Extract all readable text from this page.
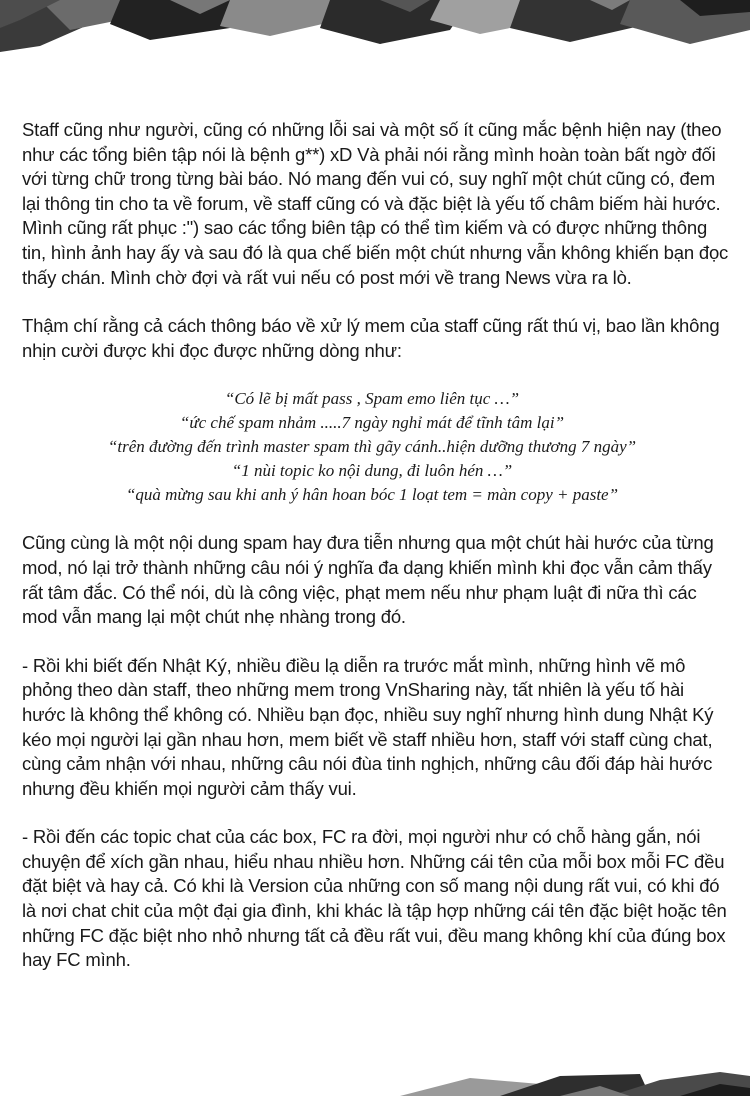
Staff cũng như người, cũng có những lỗi sai và một số ít cũng mắc bệnh hiện nay (theo như các tổng biên tập nói là bệnh g**) xD Và phải nói rằng mình hoàn toàn bất ngờ đối với từng chữ trong từng bài báo. Nó mang đến vui có, suy nghĩ một chút cũng có, đem lại thông tin cho ta về forum, về staff cũng có và đặc biệt là yếu tố châm biếm hài hước. Mình cũng rất phục :") sao các tổng biên tập có thể tìm kiếm và có được những thông tin, hình ảnh hay ấy và sau đó là qua chế biến một chút nhưng vẫn không khiến bạn đọc thấy chán. Mình chờ đợi và rất vui nếu có post mới về trang News vừa ra lò.

Thậm chí rằng cả cách thông báo về xử lý mem của staff cũng rất thú vị, bao lần không nhịn cười được khi đọc được những dòng như:

“Có lẽ bị mất pass , Spam emo liên tục …”
“ức chế spam nhảm .....7 ngày nghỉ mát để tĩnh tâm lại”
“trên đường đến trình master spam thì gãy cánh..hiện dưỡng thương 7 ngày”
“1 nùi topic ko nội dung, đi luôn hén …”
“quà mừng sau khi anh ý hân hoan bóc 1 loạt tem = màn copy + paste”

Cũng cùng là một nội dung spam hay đưa tiễn nhưng qua một chút hài hước của từng mod, nó lại trở thành những câu nói ý nghĩa đa dạng khiến mình khi đọc vẫn cảm thấy rất tâm đắc. Có thể nói, dù là công việc, phạt mem nếu như phạm luật đi nữa thì các mod vẫn mang lại một chút nhẹ nhàng trong đó.

- Rồi khi biết đến Nhật Ký, nhiều điều lạ diễn ra trước mắt mình, những hình vẽ mô phỏng theo dàn staff, theo những mem trong VnSharing này, tất nhiên là yếu tố hài hước là không thể không có. Nhiều bạn đọc, nhiều suy nghĩ nhưng hình dung Nhật Ký kéo mọi người lại gần nhau hơn, mem biết về staff nhiều hơn, staff với staff cùng chat, cùng cảm nhận với nhau, những câu nói đùa tinh nghịch, những câu đối đáp hài hước nhưng đều khiến mọi người cảm thấy vui.

- Rồi đến các topic chat của các box, FC ra đời, mọi người như có chỗ hàng gắn, nói chuyện để xích gần nhau, hiểu nhau nhiều hơn. Những cái tên của mỗi box mỗi FC đều đặt biệt và hay cả. Có khi là Version của những con số mang nội dung rất vui, có khi đó là nơi chat chit của một đại gia đình, khi khác là tập hợp những cái tên đặc biệt hoặc tên những FC đặc biệt nho nhỏ nhưng tất cả đều rất vui, đều mang không khí của đúng box hay FC mình.
